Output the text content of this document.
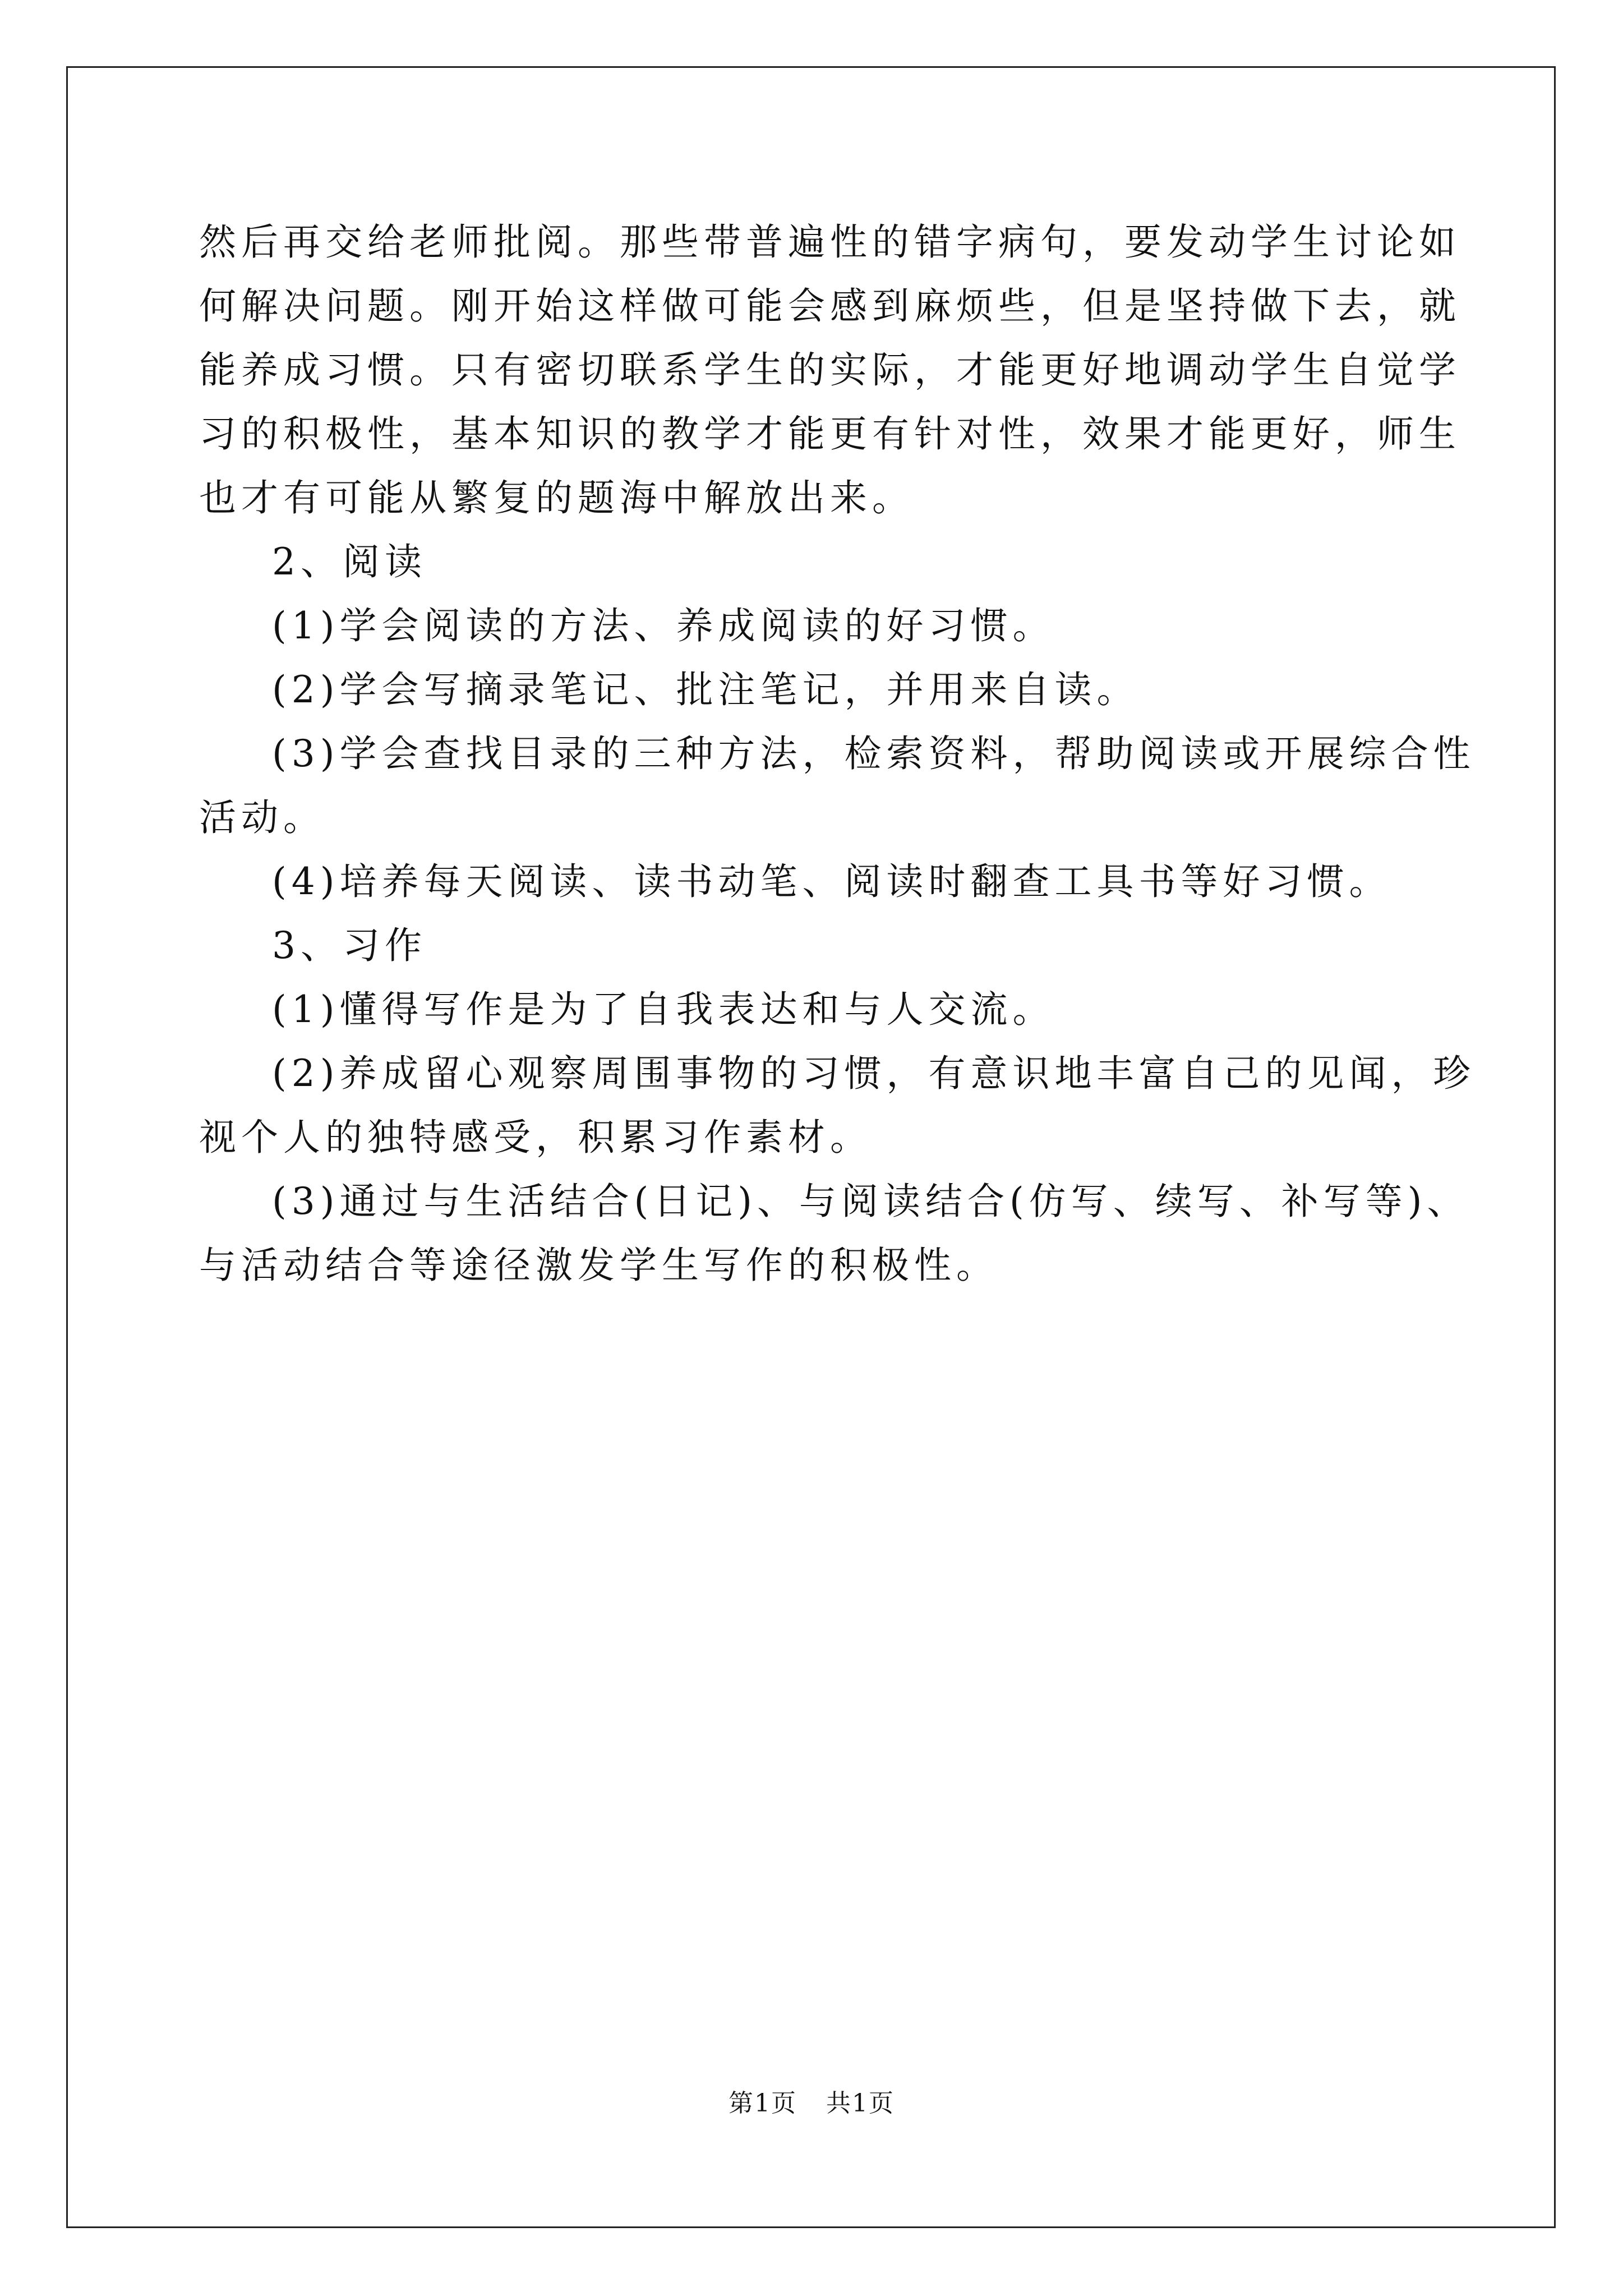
然后再交给老师批阅。那些带普遍性的错字病句，要发动学生讨论如
何解决问题。刚开始这样做可能会感到麻烦些，但是坚持做下去，就
能养成习惯。只有密切联系学生的实际，才能更好地调动学生自觉学
习的积极性，基本知识的教学才能更有针对性，效果才能更好，师生
也才有可能从繁复的题海中解放出来。
2、阅读
(1)学会阅读的方法、养成阅读的好习惯。
(2)学会写摘录笔记、批注笔记，并用来自读。
(3)学会查找目录的三种方法，检索资料，帮助阅读或开展综合性
活动。
(4)培养每天阅读、读书动笔、阅读时翻查工具书等好习惯。
3、习作
(1)懂得写作是为了自我表达和与人交流。
(2)养成留心观察周围事物的习惯，有意识地丰富自己的见闻，珍
视个人的独特感受，积累习作素材。
(3)通过与生活结合(日记)、与阅读结合(仿写、续写、补写等)、
与活动结合等途径激发学生写作的积极性。
第1页 共1页
